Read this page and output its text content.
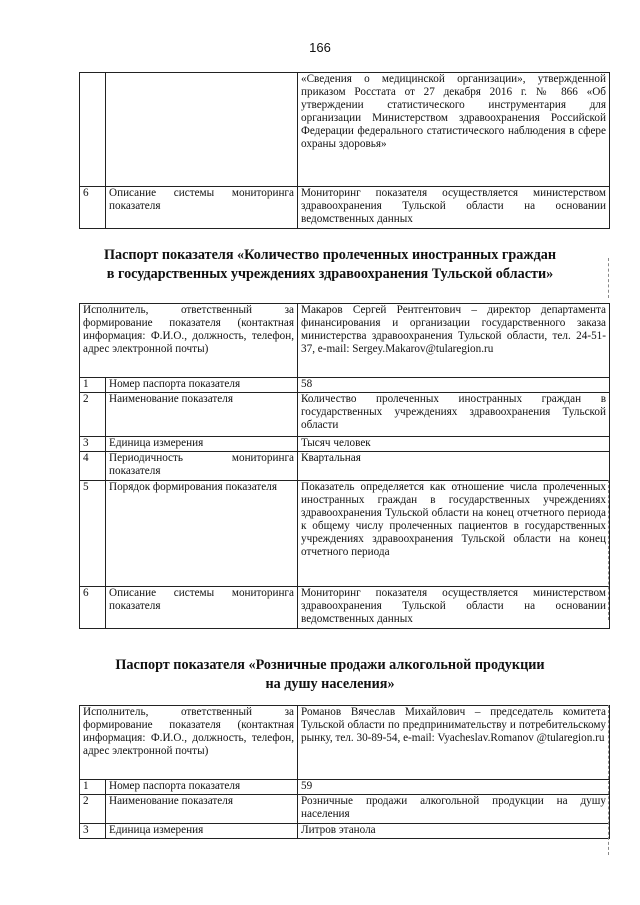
166
		«Сведения о медицинской организации», утвержденной приказом Росстата от 27 декабря 2016 г. № 866 «Об утверждении статистического инструментария для организации Министерством здравоохранения Российской Федерации федерального статистического наблюдения в сфере охраны здоровья»
6	Описание системы мониторинга показателя	Мониторинг показателя осуществляется министерством здравоохранения Тульской области на основании ведомственных данных
Паспорт показателя «Количество пролеченных иностранных граждан
в государственных учреждениях здравоохранения Тульской области»
Исполнитель, ответственный за формирование показателя (контактная информация: Ф.И.О., должность, телефон, адрес электронной почты)		Макаров Сергей Рентгентович – директор департамента финансирования и организации государственного заказа министерства здравоохранения Тульской области, тел. 24-51-37, e-mail: Sergey.Makarov@tularegion.ru
1	Номер паспорта показателя	58
2	Наименование показателя	Количество пролеченных иностранных граждан в государственных учреждениях здравоохранения Тульской области
3	Единица измерения	Тысяч человек
4	Периодичность мониторинга показателя	Квартальная
5	Порядок формирования показателя	Показатель определяется как отношение числа пролеченных иностранных граждан в государственных учреждениях здравоохранения Тульской области на конец отчетного периода к общему числу пролеченных пациентов в государственных учреждениях здравоохранения Тульской области на конец отчетного периода
6	Описание системы мониторинга показателя	Мониторинг показателя осуществляется министерством здравоохранения Тульской области на основании ведомственных данных
Паспорт показателя «Розничные продажи алкогольной продукции
на душу населения»
Исполнитель, ответственный за формирование показателя (контактная информация: Ф.И.О., должность, телефон, адрес электронной почты)		Романов Вячеслав Михайлович – председатель комитета Тульской области по предпринимательству и потребительскому рынку, тел. 30-89-54, e-mail: Vyacheslav.Romanov @tularegion.ru
1	Номер паспорта показателя	59
2	Наименование показателя	Розничные продажи алкогольной продукции на душу населения
3	Единица измерения	Литров этанола
